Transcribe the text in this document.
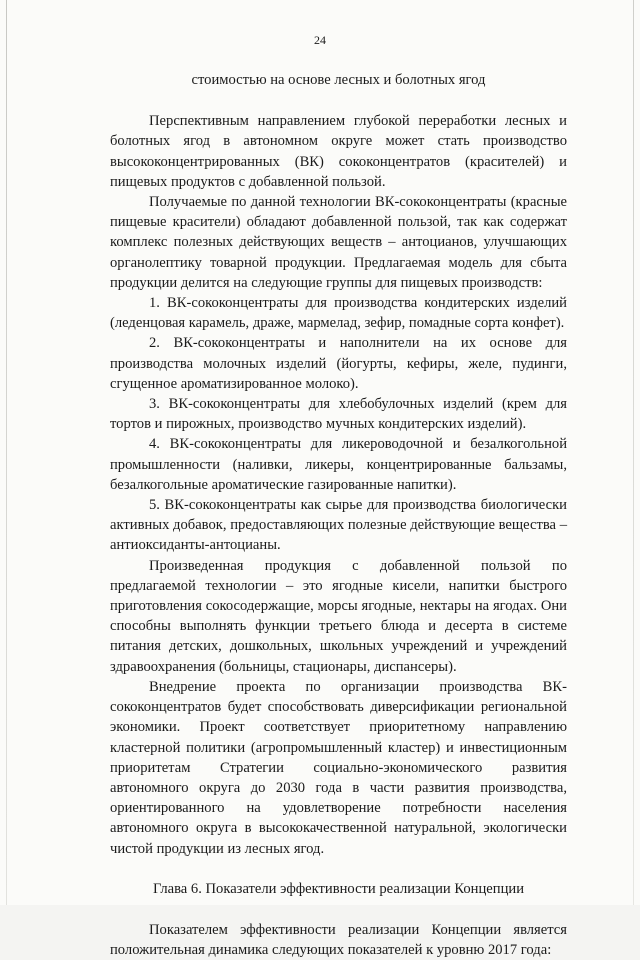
24

стоимостью на основе лесных и болотных ягод

Перспективным направлением глубокой переработки лесных и болотных ягод в автономном округе может стать производство высококонцентрированных (ВК) сококонцентратов (красителей) и пищевых продуктов с добавленной пользой.

Получаемые по данной технологии ВК-сококонцентраты (красные пищевые красители) обладают добавленной пользой, так как содержат комплекс полезных действующих веществ – антоцианов, улучшающих органолептику товарной продукции. Предлагаемая модель для сбыта продукции делится на следующие группы для пищевых производств:

1. ВК-сококонцентраты для производства кондитерских изделий (леденцовая карамель, драже, мармелад, зефир, помадные сорта конфет).

2. ВК-сококонцентраты и наполнители на их основе для производства молочных изделий (йогурты, кефиры, желе, пудинги, сгущенное ароматизированное молоко).

3. ВК-сококонцентраты для хлебобулочных изделий (крем для тортов и пирожных, производство мучных кондитерских изделий).

4. ВК-сококонцентраты для ликероводочной и безалкогольной промышленности (наливки, ликеры, концентрированные бальзамы, безалкогольные ароматические газированные напитки).

5. ВК-сококонцентраты как сырье для производства биологически активных добавок, предоставляющих полезные действующие вещества – антиоксиданты-антоцианы.

Произведенная продукция с добавленной пользой по предлагаемой технологии – это ягодные кисели, напитки быстрого приготовления сокосодержащие, морсы ягодные, нектары на ягодах. Они способны выполнять функции третьего блюда и десерта в системе питания детских, дошкольных, школьных учреждений и учреждений здравоохранения (больницы, стационары, диспансеры).

Внедрение проекта по организации производства ВК-сококонцентратов будет способствовать диверсификации региональной экономики. Проект соответствует приоритетному направлению кластерной политики (агропромышленный кластер) и инвестиционным приоритетам Стратегии социально-экономического развития автономного округа до 2030 года в части развития производства, ориентированного на удовлетворение потребности населения автономного округа в высококачественной натуральной, экологически чистой продукции из лесных ягод.

Глава 6. Показатели эффективности реализации Концепции

Показателем эффективности реализации Концепции является положительная динамика следующих показателей к уровню 2017 года:
